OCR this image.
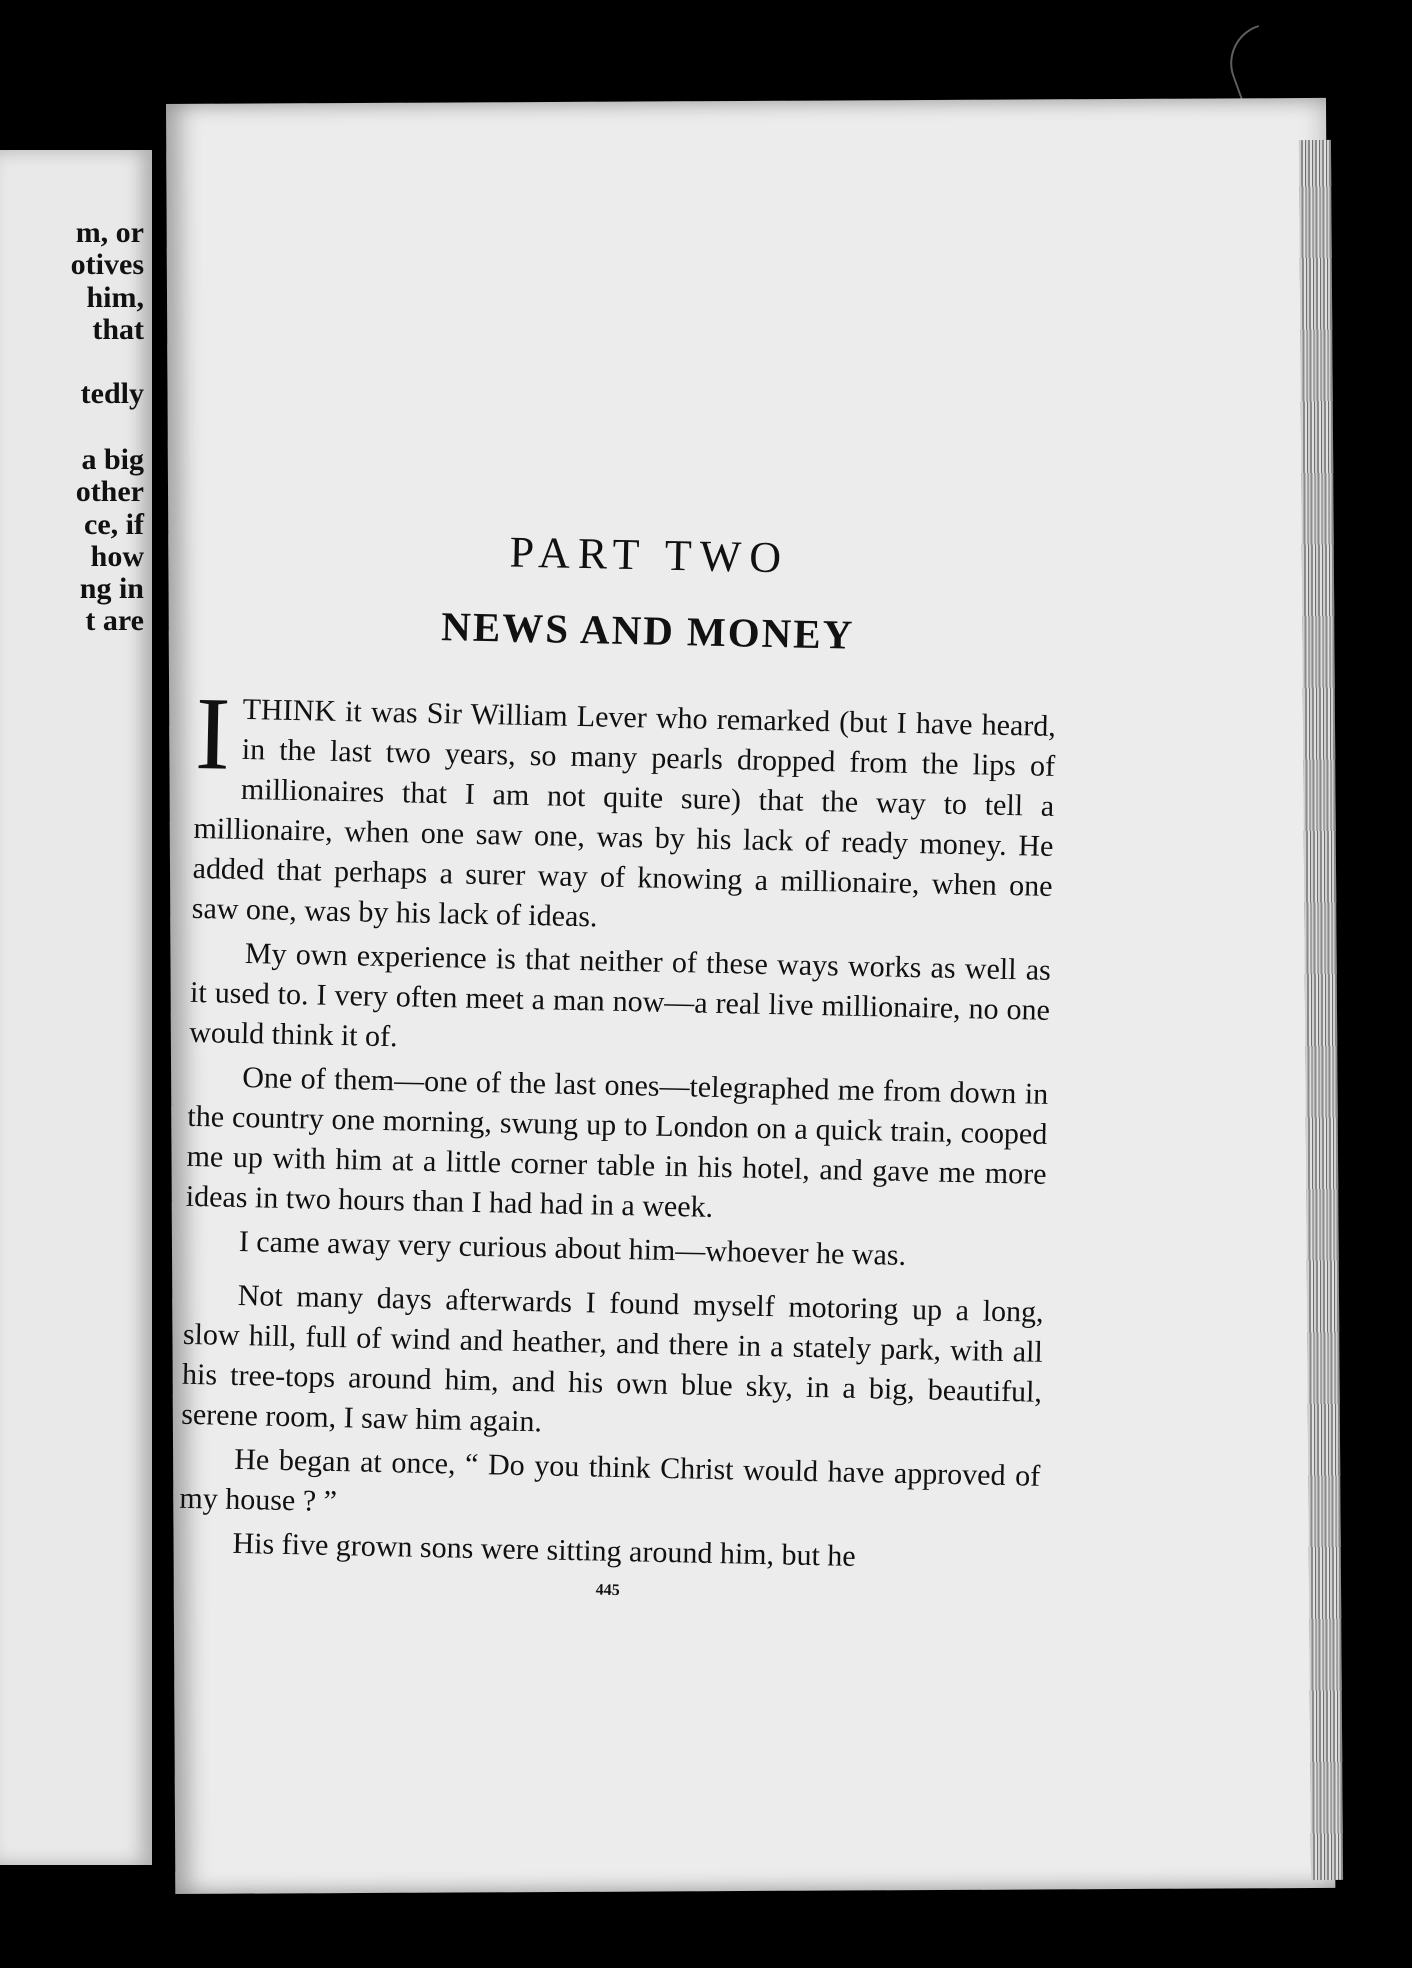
m, or
otives
him,
that
tedly
a big
other
ce, if
how
ng in
t are
PART TWO
NEWS AND MONEY

ITHINK it was Sir William Lever who remarked (but I have heard, in the last two years, so many pearls dropped from the lips of millionaires that I am not quite sure) that the way to tell a millionaire, when one saw one, was by his lack of ready money. He added that perhaps a surer way of knowing a millionaire, when one saw one, was by his lack of ideas.

My own experience is that neither of these ways works as well as it used to. I very often meet a man now—a real live millionaire, no one would think it of.

One of them—one of the last ones—telegraphed me from down in the country one morning, swung up to London on a quick train, cooped me up with him at a little corner table in his hotel, and gave me more ideas in two hours than I had had in a week.

I came away very curious about him—whoever he was.

Not many days afterwards I found myself motoring up a long, slow hill, full of wind and heather, and there in a stately park, with all his tree-tops around him, and his own blue sky, in a big, beautiful, serene room, I saw him again.

He began at once, “ Do you think Christ would have approved of my house ? ”

His five grown sons were sitting around him, but he

445
